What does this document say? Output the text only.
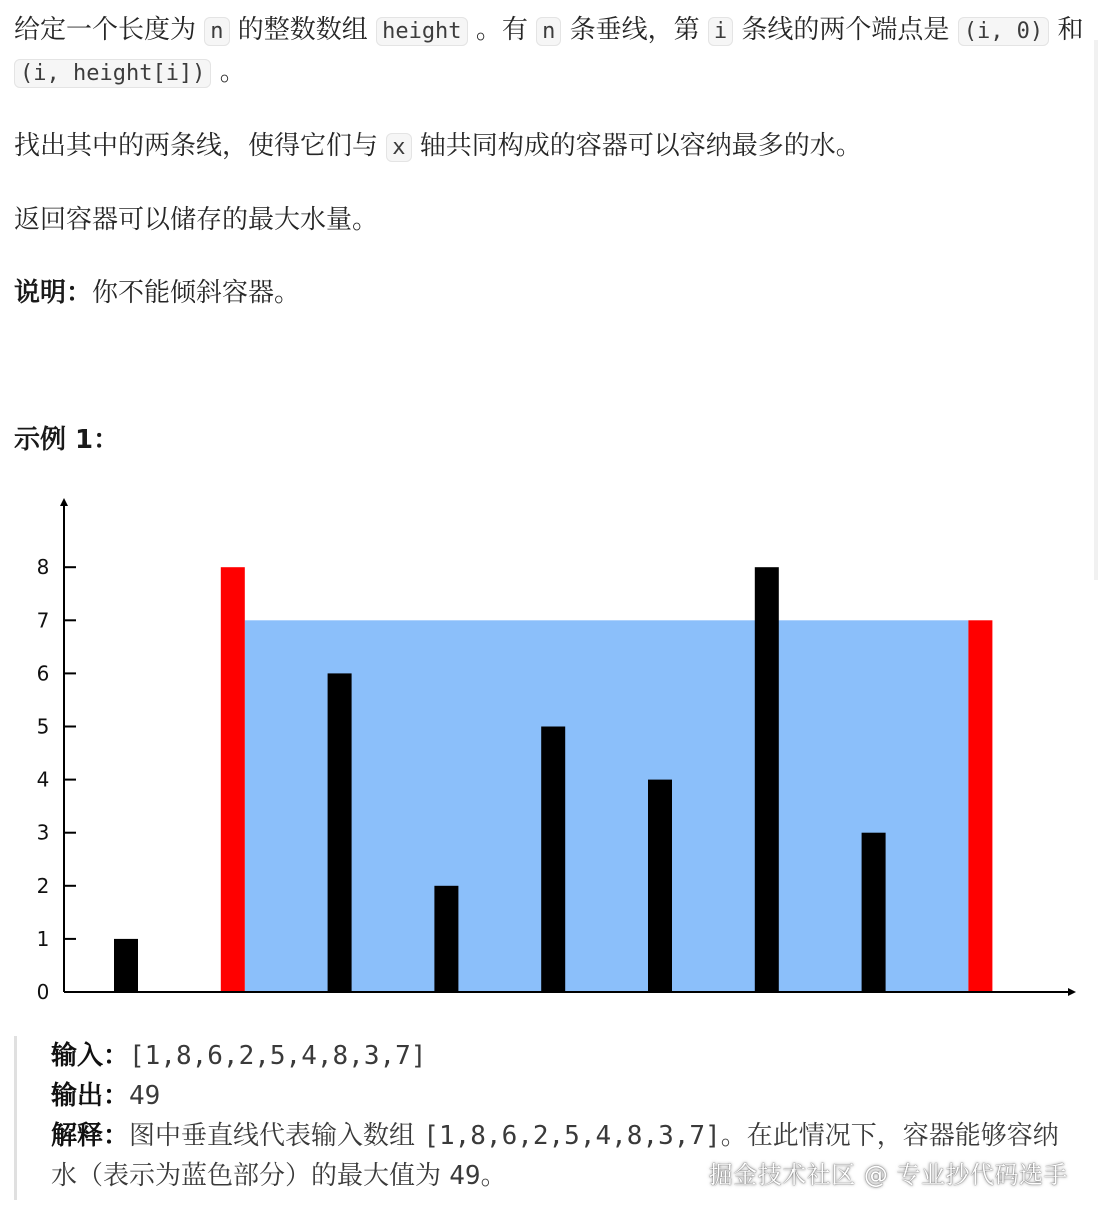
给定一个长度为 n 的整数数组 height 。有 n 条垂线，第 i 条线的两个端点是 (i, 0) 和 (i, height[i]) 。

找出其中的两条线，使得它们与 x 轴共同构成的容器可以容纳最多的水。

返回容器可以储存的最大水量。

说明：你不能倾斜容器。

示例 1：

0
1
2
3
4
5
6
7
8

输入：[1,8,6,2,5,4,8,3,7]

输出：49

解释：图中垂直线代表输入数组 [1,8,6,2,5,4,8,3,7]。在此情况下，容器能够容纳水（表示为蓝色部分）的最大值为 49。	掘金技术社区 @ 专业抄代码选手
